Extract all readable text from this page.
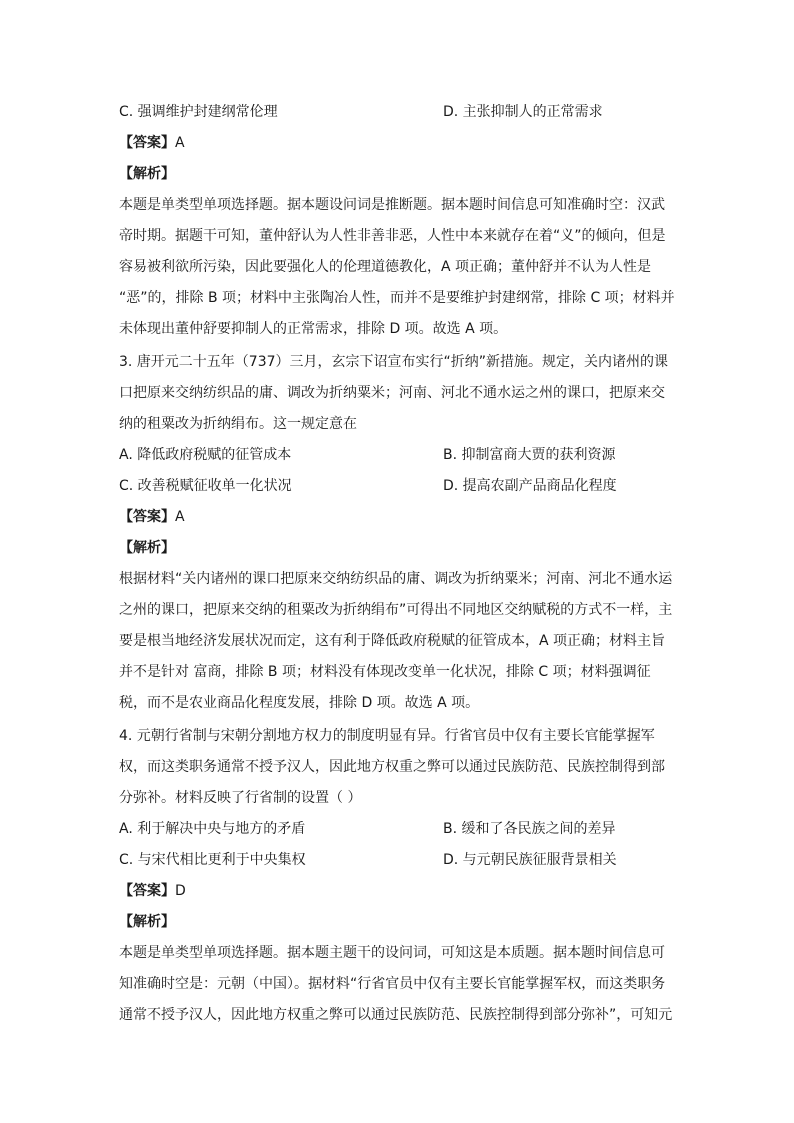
C. 强调维护封建纲常伦理	D. 主张抑制人的正常需求
【答案】A
【解析】
本题是单类型单项选择题。据本题设问词是推断题。据本题时间信息可知准确时空：汉武
帝时期。据题干可知，董仲舒认为人性非善非恶，人性中本来就存在着“义”的倾向，但是
容易被利欲所污染，因此要强化人的伦理道德教化，A 项正确；董仲舒并不认为人性是
“恶”的，排除 B 项；材料中主张陶冶人性，而并不是要维护封建纲常，排除 C 项；材料并
未体现出董仲舒要抑制人的正常需求，排除 D 项。故选 A 项。
3. 唐开元二十五年（737）三月，玄宗下诏宣布实行“折纳”新措施。规定，关内诸州的课
口把原来交纳纺织品的庸、调改为折纳粟米；河南、河北不通水运之州的课口，把原来交
纳的租粟改为折纳绢布。这一规定意在
A. 降低政府税赋的征管成本	B. 抑制富商大贾的获利资源
C. 改善税赋征收单一化状况	D. 提高农副产品商品化程度
【答案】A
【解析】
根据材料“关内诸州的课口把原来交纳纺织品的庸、调改为折纳粟米；河南、河北不通水运
之州的课口，把原来交纳的租粟改为折纳绢布”可得出不同地区交纳赋税的方式不一样，主
要是根当地经济发展状况而定，这有利于降低政府税赋的征管成本，A 项正确；材料主旨
并不是针对 富商，排除 B 项；材料没有体现改变单一化状况，排除 C 项；材料强调征
税，而不是农业商品化程度发展，排除 D 项。故选 A 项。
4. 元朝行省制与宋朝分割地方权力的制度明显有异。行省官员中仅有主要长官能掌握军
权，而这类职务通常不授予汉人，因此地方权重之弊可以通过民族防范、民族控制得到部
分弥补。材料反映了行省制的设置（ ）
A. 利于解决中央与地方的矛盾	B. 缓和了各民族之间的差异
C. 与宋代相比更利于中央集权	D. 与元朝民族征服背景相关
【答案】D
【解析】
本题是单类型单项选择题。据本题主题干的设问词，可知这是本质题。据本题时间信息可
知准确时空是：元朝（中国）。据材料“行省官员中仅有主要长官能掌握军权，而这类职务
通常不授予汉人，因此地方权重之弊可以通过民族防范、民族控制得到部分弥补”，可知元
